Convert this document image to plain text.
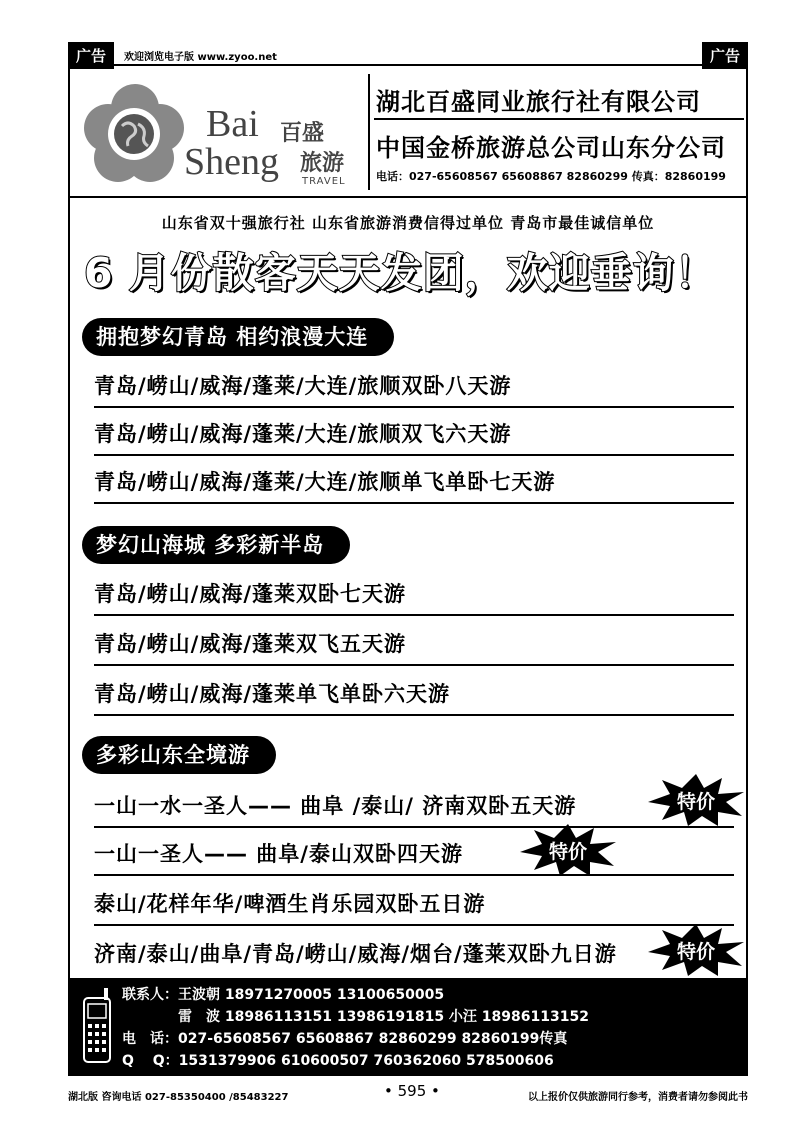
广告	欢迎浏览电子版 www.zyoo.net	广告
Bai
Sheng
百盛
旅游
TRAVEL
湖北百盛同业旅行社有限公司
中国金桥旅游总公司山东分公司
电话：027-65608567 65608867 82860299 传真：82860199
山东省双十强旅行社 山东省旅游消费信得过单位 青岛市最佳诚信单位
6 月份散客天天发团，欢迎垂询！
拥抱梦幻青岛 相约浪漫大连
青岛/崂山/威海/蓬莱/大连/旅顺双卧八天游
青岛/崂山/威海/蓬莱/大连/旅顺双飞六天游
青岛/崂山/威海/蓬莱/大连/旅顺单飞单卧七天游
梦幻山海城 多彩新半岛
青岛/崂山/威海/蓬莱双卧七天游
青岛/崂山/威海/蓬莱双飞五天游
青岛/崂山/威海/蓬莱单飞单卧六天游
多彩山东全境游
一山一水一圣人—— 曲阜 /泰山/ 济南双卧五天游
一山一圣人—— 曲阜/泰山双卧四天游
泰山/花样年华/啤酒生肖乐园双卧五日游
济南/泰山/曲阜/青岛/崂山/威海/烟台/蓬莱双卧九日游
特价
特价
特价
联系人：王波朝 18971270005 13100650005
　　　　雷　波 18986113151 13986191815 小汪 18986113152
电　话：027-65608567 65608867 82860299 82860199传真
Q　 Q：1531379906 610600507 760362060 578500606
湖北版 咨询电话 027-85350400 /85483227	• 595 •	以上报价仅供旅游同行参考，消费者请勿参阅此书
